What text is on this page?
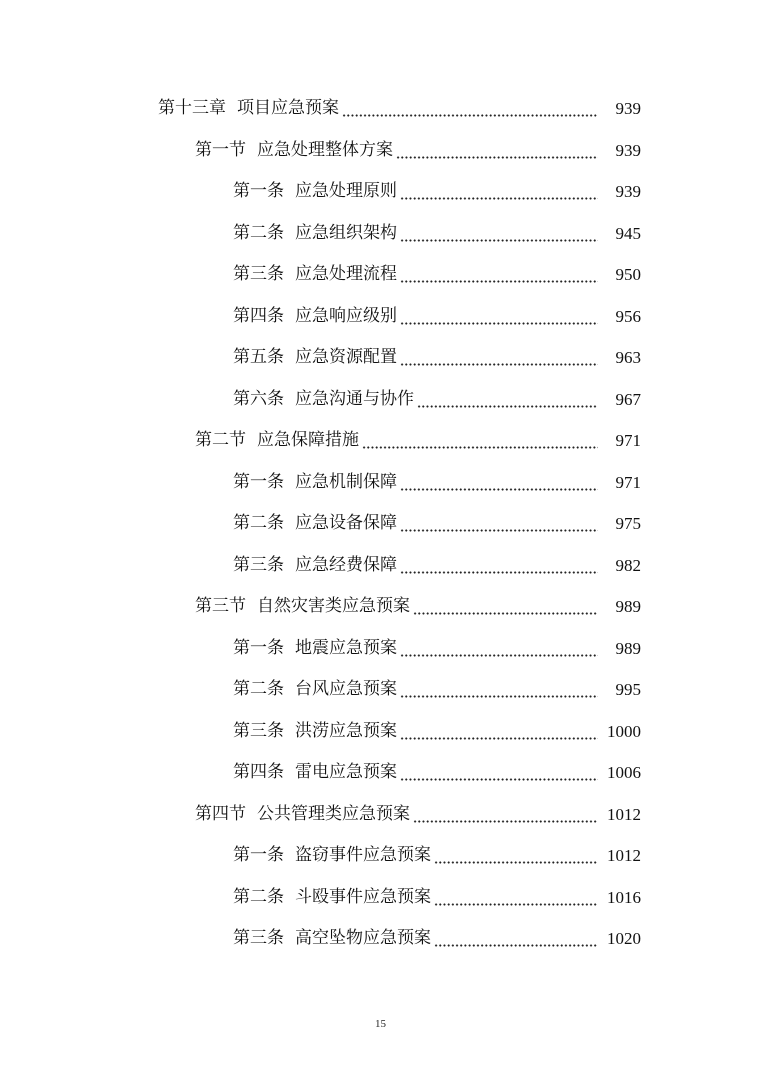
第十三章 项目应急预案	939
第一节 应急处理整体方案	939
第一条 应急处理原则	939
第二条 应急组织架构	945
第三条 应急处理流程	950
第四条 应急响应级别	956
第五条 应急资源配置	963
第六条 应急沟通与协作	967
第二节 应急保障措施	971
第一条 应急机制保障	971
第二条 应急设备保障	975
第三条 应急经费保障	982
第三节 自然灾害类应急预案	989
第一条 地震应急预案	989
第二条 台风应急预案	995
第三条 洪涝应急预案	1000
第四条 雷电应急预案	1006
第四节 公共管理类应急预案	1012
第一条 盗窃事件应急预案	1012
第二条 斗殴事件应急预案	1016
第三条 高空坠物应急预案	1020
15
